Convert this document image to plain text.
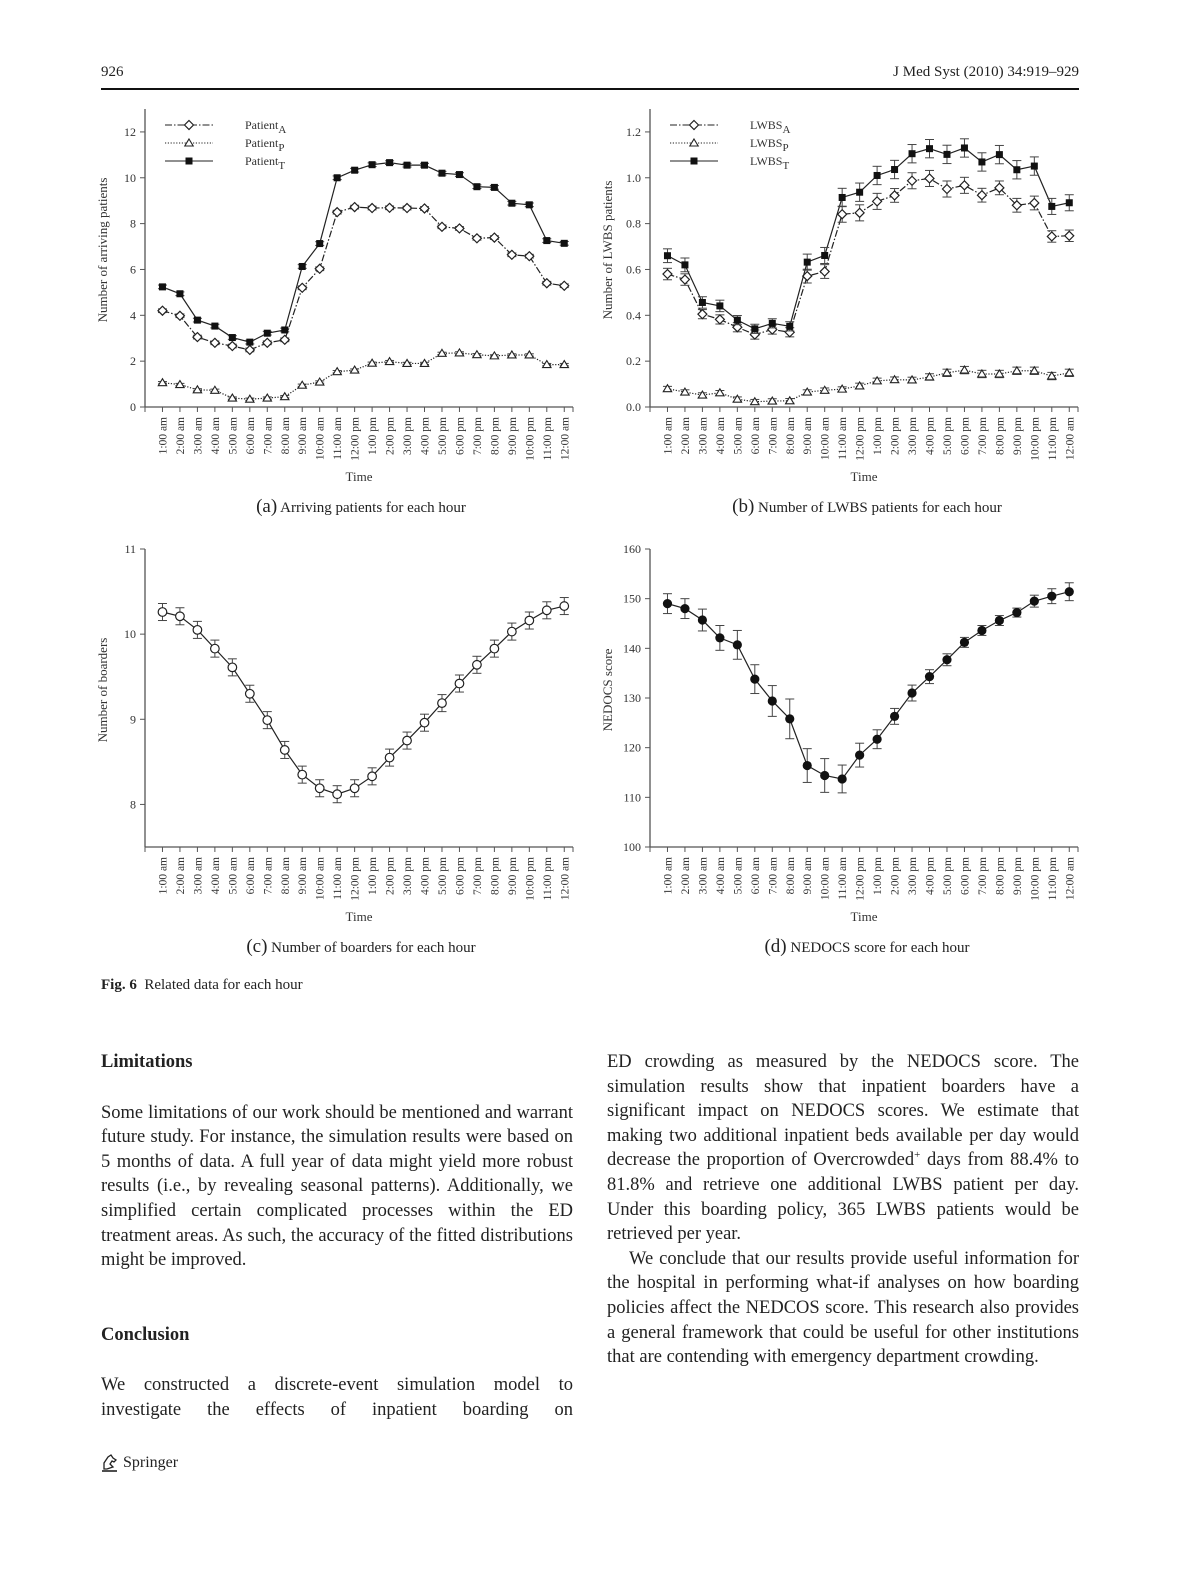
926	J Med Syst (2010) 34:919–929
0
2
4
6
8
10
12
1:00 am 2:00 am 3:00 am 4:00 am 5:00 am 6:00 am 7:00 am 8:00 am 9:00 am 10:00 am 11:00 am 12:00 pm 1:00 pm 2:00 pm 3:00 pm 4:00 pm 5:00 pm 6:00 pm 7:00 pm 8:00 pm 9:00 pm 10:00 pm 11:00 pm 12:00 am
Time
Number of arriving patients
PatientA
PatientP
PatientT
(a) Arriving patients for each hour
0.0
0.2
0.4
0.6
0.8
1.0
1.2
1:00 am 2:00 am 3:00 am 4:00 am 5:00 am 6:00 am 7:00 am 8:00 am 9:00 am 10:00 am 11:00 am 12:00 pm 1:00 pm 2:00 pm 3:00 pm 4:00 pm 5:00 pm 6:00 pm 7:00 pm 8:00 pm 9:00 pm 10:00 pm 11:00 pm 12:00 am
Time
Number of LWBS patients
LWBSA
LWBSP
LWBST
(b) Number of LWBS patients for each hour
8
9
10
11
1:00 am 2:00 am 3:00 am 4:00 am 5:00 am 6:00 am 7:00 am 8:00 am 9:00 am 10:00 am 11:00 am 12:00 pm 1:00 pm 2:00 pm 3:00 pm 4:00 pm 5:00 pm 6:00 pm 7:00 pm 8:00 pm 9:00 pm 10:00 pm 11:00 pm 12:00 am
Time
Number of boarders
(c) Number of boarders for each hour
100
110
120
130
140
150
160
1:00 am 2:00 am 3:00 am 4:00 am 5:00 am 6:00 am 7:00 am 8:00 am 9:00 am 10:00 am 11:00 am 12:00 pm 1:00 pm 2:00 pm 3:00 pm 4:00 pm 5:00 pm 6:00 pm 7:00 pm 8:00 pm 9:00 pm 10:00 pm 11:00 pm 12:00 am
Time
NEDOCS score
(d) NEDOCS score for each hour
Fig. 6 Related data for each hour
Limitations

Some limitations of our work should be mentioned and warrant future study. For instance, the simulation results were based on 5 months of data. A full year of data might yield more robust results (i.e., by revealing seasonal patterns). Additionally, we simplified certain complicated processes within the ED treatment areas. As such, the accuracy of the fitted distributions might be improved.

Conclusion

We constructed a discrete-event simulation model to investigate the effects of inpatient boarding on

ED crowding as measured by the NEDOCS score. The simulation results show that inpatient boarders have a significant impact on NEDOCS scores. We estimate that making two additional inpatient beds available per day would decrease the proportion of Overcrowded+ days from 88.4% to 81.8% and retrieve one additional LWBS patient per day. Under this boarding policy, 365 LWBS patients would be retrieved per year.

We conclude that our results provide useful information for the hospital in performing what-if analyses on how boarding policies affect the NEDCOS score. This research also provides a general framework that could be useful for other institutions that are contending with emergency department crowding.

Springer
